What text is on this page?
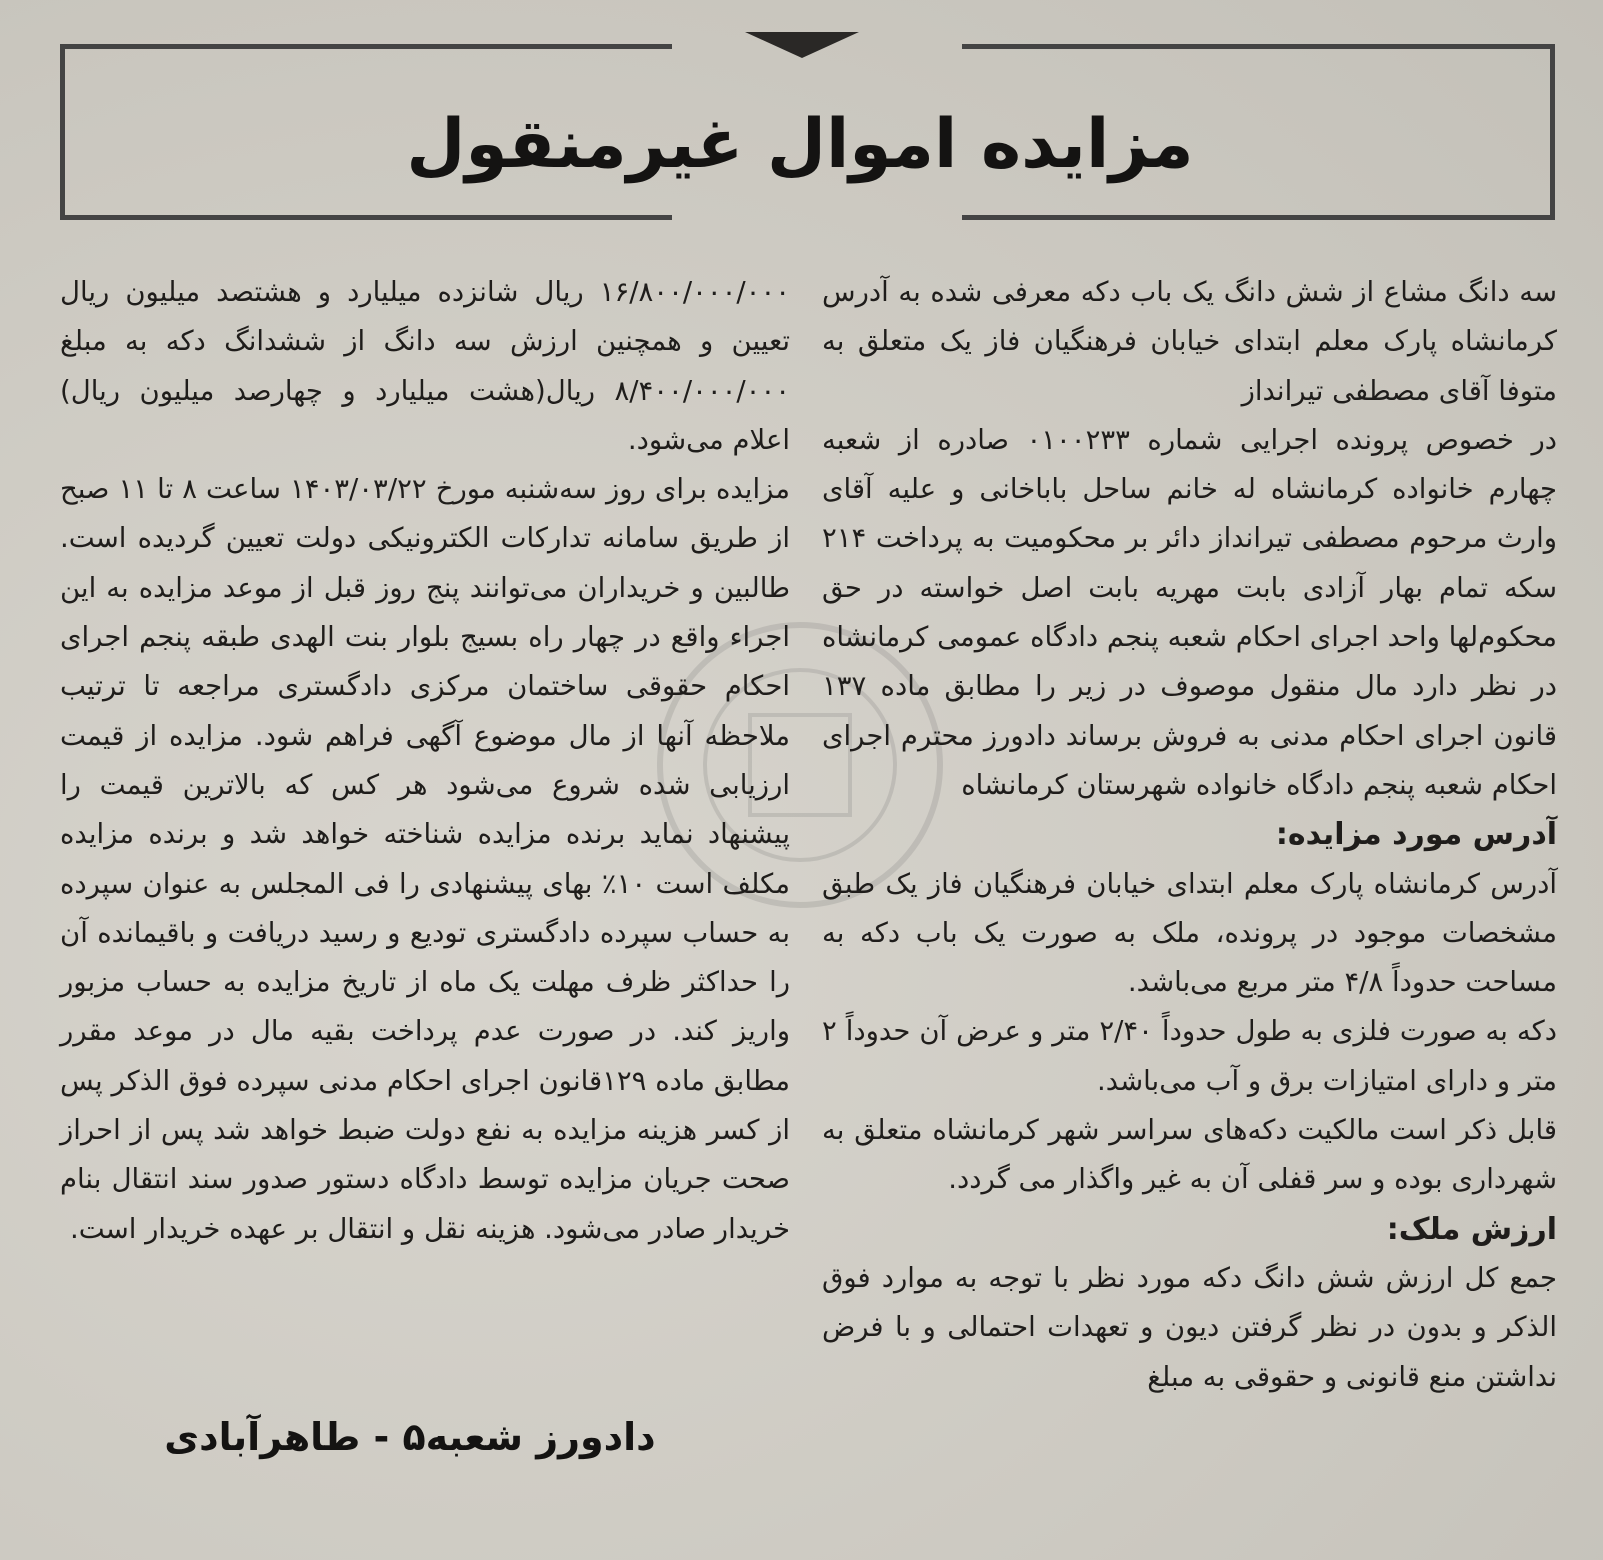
مزایده اموال غیرمنقول

سه دانگ مشاع از شش دانگ یک باب دکه معرفی شده به آدرس کرمانشاه پارک معلم ابتدای خیابان فرهنگیان فاز یک متعلق به متوفا آقای مصطفی تیرانداز

در خصوص پرونده اجرایی شماره ۰۱۰۰۲۳۳ صادره از شعبه چهارم خانواده کرمانشاه له خانم ساحل باباخانی و علیه آقای وارث مرحوم مصطفی تیرانداز دائر بر محکومیت به پرداخت ۲۱۴ سکه تمام بهار آزادی بابت مهریه بابت اصل خواسته در حق محکوم‌لها واحد اجرای احکام شعبه پنجم دادگاه عمومی کرمانشاه در نظر دارد مال منقول موصوف در زیر را مطابق ماده ۱۳۷ قانون اجرای احکام مدنی به فروش برساند دادورز محترم اجرای احکام شعبه پنجم دادگاه خانواده شهرستان کرمانشاه

آدرس مورد مزایده:

آدرس کرمانشاه پارک معلم ابتدای خیابان فرهنگیان فاز یک طبق مشخصات موجود در پرونده، ملک به صورت یک باب دکه به مساحت حدوداً ۴/۸ متر مربع می‌باشد.

دکه به صورت فلزی به طول حدوداً ۲/۴۰ متر و عرض آن حدوداً ۲ متر و دارای امتیازات برق و آب می‌باشد.

قابل ذکر است مالکیت دکه‌های سراسر شهر کرمانشاه متعلق به شهرداری بوده و سر قفلی آن به غیر واگذار می گردد.

ارزش ملک:

جمع کل ارزش شش دانگ دکه مورد نظر با توجه به موارد فوق الذکر و بدون در نظر گرفتن دیون و تعهدات احتمالی و با فرض نداشتن منع قانونی و حقوقی به مبلغ

۱۶/۸۰۰/۰۰۰/۰۰۰ ریال شانزده میلیارد و هشتصد میلیون ریال تعیین و همچنین ارزش سه دانگ از ششدانگ دکه به مبلغ ۸/۴۰۰/۰۰۰/۰۰۰ ریال(هشت میلیارد و چهارصد میلیون ریال) اعلام می‌شود.

مزایده برای روز سه‌شنبه مورخ ۱۴۰۳/۰۳/۲۲ ساعت ۸ تا ۱۱ صبح از طریق سامانه تدارکات الکترونیکی دولت تعیین گردیده است. طالبین و خریداران می‌توانند پنج روز قبل از موعد مزایده به این اجراء واقع در چهار راه بسیج بلوار بنت الهدی طبقه پنجم اجرای احکام حقوقی ساختمان مرکزی دادگستری مراجعه تا ترتیب ملاحظه آنها از مال موضوع آگهی فراهم شود. مزایده از قیمت ارزیابی شده شروع می‌شود هر کس که بالاترین قیمت را پیشنهاد نماید برنده مزایده شناخته خواهد شد و برنده مزایده مکلف است ۱۰٪ بهای پیشنهادی را فی المجلس به عنوان سپرده به حساب سپرده دادگستری تودیع و رسید دریافت و باقیمانده آن را حداکثر ظرف مهلت یک ماه از تاریخ مزایده به حساب مزبور واریز کند. در صورت عدم پرداخت بقیه مال در موعد مقرر مطابق ماده ۱۲۹قانون اجرای احکام مدنی سپرده فوق الذکر پس از کسر هزینه مزایده به نفع دولت ضبط خواهد شد پس از احراز صحت جریان مزایده توسط دادگاه دستور صدور سند انتقال بنام خریدار صادر می‌شود. هزینه نقل و انتقال بر عهده خریدار است.

دادورز شعبه۵ - طاهرآبادی
